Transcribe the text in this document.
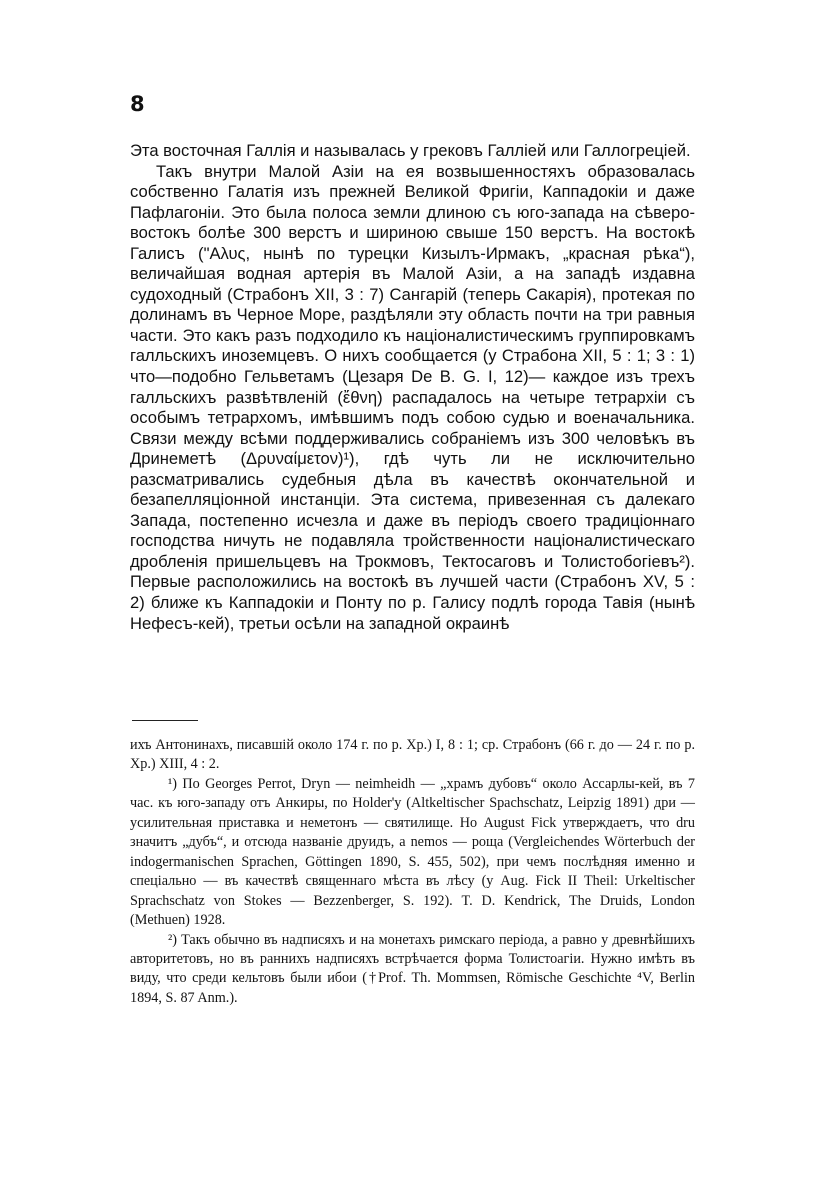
8

Эта восточная Галлія и называлась у грековъ Галліей или Галлогреціей.

Такъ внутри Малой Азіи на ея возвышенностяхъ образовалась собственно Галатія изъ прежней Великой Фригіи, Каппадокіи и даже Пафлагоніи. Это была полоса земли длиною съ юго-запада на сѣверо-востокъ болѣе 300 верстъ и шириною свыше 150 верстъ. На востокѣ Галисъ ("Αλυς, нынѣ по турецки Кизылъ-Ирмакъ, „красная рѣка“), величайшая водная артерія въ Малой Азіи, а на западѣ издавна судоходный (Страбонъ XII, 3 : 7) Сангарій (теперь Сакарія), протекая по долинамъ въ Черное Море, раздѣляли эту область почти на три равныя части. Это какъ разъ подходило къ націоналистическимъ группировкамъ галльскихъ иноземцевъ. О нихъ сообщается (у Страбона XII, 5 : 1; 3 : 1) что—подобно Гельветамъ (Цезаря De B. G. I, 12)— каждое изъ трехъ галльскихъ развѣтвленій (ἔθνη) распадалось на четыре тетрархіи съ особымъ тетрархомъ, имѣвшимъ подъ собою судью и военачальника. Связи между всѣми поддерживались собраніемъ изъ 300 человѣкъ въ Дринеметѣ (Δρυναίμετον)¹), гдѣ чуть ли не исключительно разсматривались судебныя дѣла въ качествѣ окончательной и безапелляціонной инстанціи. Эта система, привезенная съ далекаго Запада, постепенно исчезла и даже въ періодъ своего традиціоннаго господства ничуть не подавляла тройственности націоналистическаго дробленія пришельцевъ на Трокмовъ, Тектосаговъ и Толистобогіевъ²). Первые расположились на востокѣ въ лучшей части (Страбонъ XV, 5 : 2) ближе къ Каппадокіи и Понту по р. Галису подлѣ города Тавія (нынѣ Нефесъ-кей), третьи осѣли на западной окраинѣ

ихъ Антонинахъ, писавшій около 174 г. по р. Хр.) I, 8 : 1; ср. Страбонъ (66 г. до — 24 г. по р. Хр.) XIII, 4 : 2.

¹) По Georges Perrot, Dryn — neimheidh — „храмъ дубовъ“ около Ассарлы-кей, въ 7 час. къ юго-западу отъ Анкиры, по Holder'у (Altkeltischer Spachschatz, Leipzig 1891) дри — усилительная приставка и неметонъ — святилище. Но August Fick утверждаетъ, что dru значитъ „дубъ“, и отсюда названіе друидъ, а nemos — роща (Vergleichendes Wörterbuch der indogermanischen Sprachen, Göttingen 1890, S. 455, 502), при чемъ послѣдняя именно и спеціально — въ качествѣ священнаго мѣста въ лѣсу (у Aug. Fick II Theil: Urkeltischer Sprachschatz von Stokes — Bezzenberger, S. 192). T. D. Kendrick, The Druids, London (Methuen) 1928.

²) Такъ обычно въ надписяхъ и на монетахъ римскаго періода, а равно у древнѣйшихъ авторитетовъ, но въ раннихъ надписяхъ встрѣчается форма Толистоагіи. Нужно имѣть въ виду, что среди кельтовъ были ибои (†Prof. Th. Mommsen, Römische Geschichte ⁴V, Berlin 1894, S. 87 Anm.).
